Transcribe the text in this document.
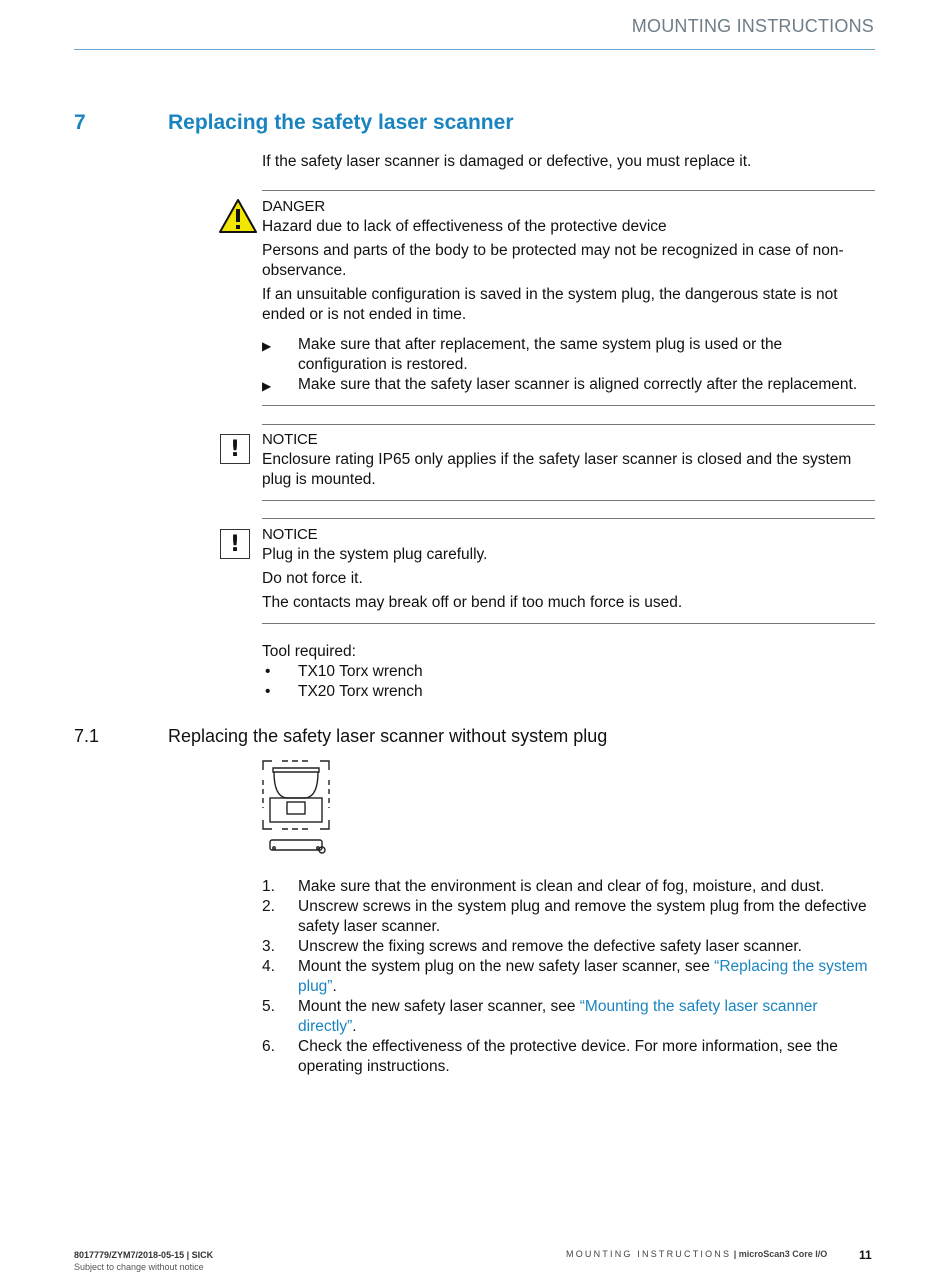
MOUNTING INSTRUCTIONS
7	Replacing the safety laser scanner
If the safety laser scanner is damaged or defective, you must replace it.
DANGER
Hazard due to lack of effectiveness of the protective device
Persons and parts of the body to be protected may not be recognized in case of non-observance.
If an unsuitable configuration is saved in the system plug, the dangerous state is not ended or is not ended in time.
▶ Make sure that after replacement, the same system plug is used or the configuration is restored.
▶ Make sure that the safety laser scanner is aligned correctly after the replacement.
!	NOTICE
Enclosure rating IP65 only applies if the safety laser scanner is closed and the system plug is mounted.
!	NOTICE
Plug in the system plug carefully.
Do not force it.
The contacts may break off or bend if too much force is used.
Tool required:
• TX10 Torx wrench
• TX20 Torx wrench
7.1	Replacing the safety laser scanner without system plug
1. Make sure that the environment is clean and clear of fog, moisture, and dust.
2. Unscrew screws in the system plug and remove the system plug from the defective safety laser scanner.
3. Unscrew the fixing screws and remove the defective safety laser scanner.
4. Mount the system plug on the new safety laser scanner, see “Replacing the system plug”.
5. Mount the new safety laser scanner, see “Mounting the safety laser scanner directly”.
6. Check the effectiveness of the protective device. For more information, see the operating instructions.
8017779/ZYM7/2018-05-15 | SICK
Subject to change without notice
MOUNTING INSTRUCTIONS | microScan3 Core I/O	11
